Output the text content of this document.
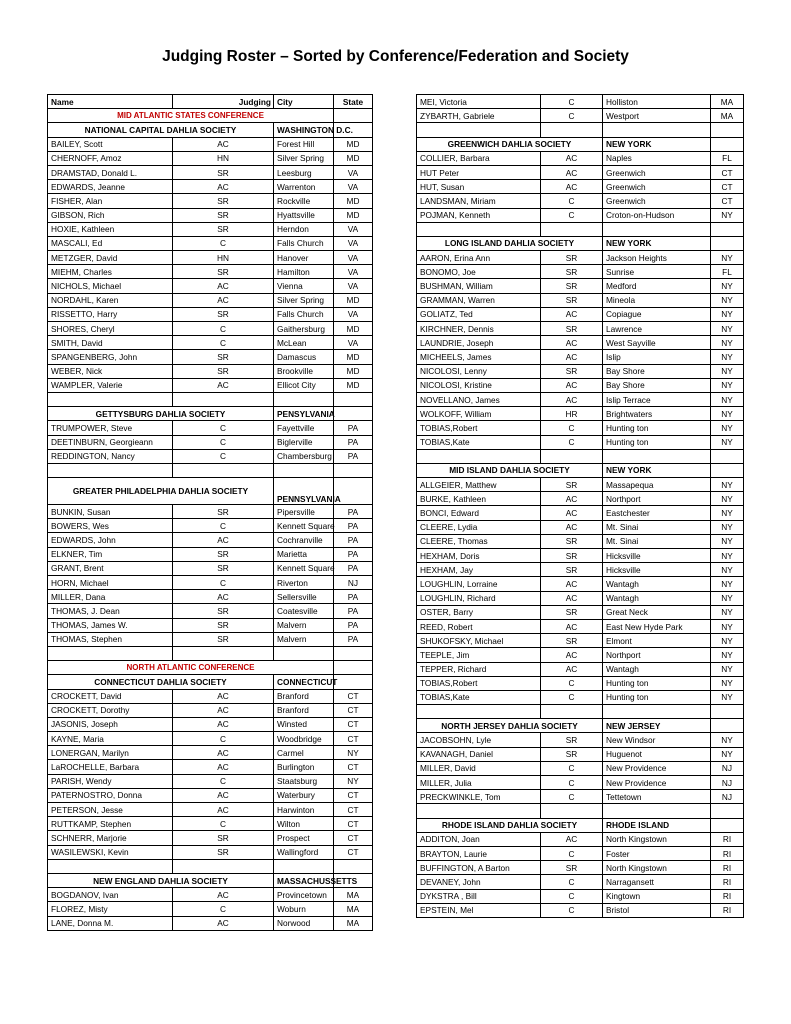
Judging Roster – Sorted by Conference/Federation and Society
Name	Judging	City	State
MID ATLANTIC STATES CONFERENCE			
NATIONAL CAPITAL DAHLIA SOCIETY		WASHINGTON D.C.	
BAILEY, Scott	AC	Forest Hill	MD
CHERNOFF, Amoz	HN	Silver Spring	MD
DRAMSTAD, Donald L.	SR	Leesburg	VA
EDWARDS, Jeanne	AC	Warrenton	VA
FISHER, Alan	SR	Rockville	MD
GIBSON, Rich	SR	Hyattsville	MD
HOXIE, Kathleen	SR	Herndon	VA
MASCALI, Ed	C	Falls Church	VA
METZGER, David	HN	Hanover	VA
MIEHM, Charles	SR	Hamilton	VA
NICHOLS, Michael	AC	Vienna	VA
NORDAHL, Karen	AC	Silver Spring	MD
RISSETTO, Harry	SR	Falls Church	VA
SHORES, Cheryl	C	Gaithersburg	MD
SMITH, David	C	McLean	VA
SPANGENBERG, John	SR	Damascus	MD
WEBER, Nick	SR	Brookville	MD
WAMPLER, Valerie	AC	Ellicot City	MD

GETTYSBURG DAHLIA SOCIETY		PENSYLVANIA	
TRUMPOWER, Steve	C	Fayettville	PA
DEETINBURN, Georgieann	C	Biglerville	PA
REDDINGTON, Nancy	C	Chambersburg	PA

GREATER PHILADELPHIA DAHLIA SOCIETY		PENNSYLVANIA	
BUNKIN, Susan	SR	Pipersville	PA
BOWERS, Wes	C	Kennett Square	PA
EDWARDS, John	AC	Cochranville	PA
ELKNER, Tim	SR	Marietta	PA
GRANT, Brent	SR	Kennett Square	PA
HORN, Michael	C	Riverton	NJ
MILLER, Dana	AC	Sellersville	PA
THOMAS, J. Dean	SR	Coatesville	PA
THOMAS, James W.	SR	Malvern	PA
THOMAS, Stephen	SR	Malvern	PA

NORTH ATLANTIC CONFERENCE			
CONNECTICUT DAHLIA SOCIETY		CONNECTICUT	
CROCKETT, David	AC	Branford	CT
CROCKETT, Dorothy	AC	Branford	CT
JASONIS, Joseph	AC	Winsted	CT
KAYNE, Maria	C	Woodbridge	CT
LONERGAN, Marilyn	AC	Carmel	NY
LaROCHELLE, Barbara	AC	Burlington	CT
PARISH, Wendy	C	Staatsburg	NY
PATERNOSTRO, Donna	AC	Waterbury	CT
PETERSON, Jesse	AC	Harwinton	CT
RUTTKAMP, Stephen	C	Wilton	CT
SCHNERR, Marjorie	SR	Prospect	CT
WASILEWSKI, Kevin	SR	Wallingford	CT

NEW ENGLAND DAHLIA SOCIETY		MASSACHUSSETTS	
BOGDANOV, Ivan	AC	Provincetown	MA
FLOREZ, Misty	C	Woburn	MA
LANE, Donna M.	AC	Norwood	MA
MEI, Victoria	C	Holliston	MA
ZYBARTH, Gabriele	C	Westport	MA

GREENWICH DAHLIA SOCIETY		NEW YORK	
COLLIER, Barbara	AC	Naples	FL
HUT Peter	AC	Greenwich	CT
HUT, Susan	AC	Greenwich	CT
LANDSMAN, Miriam	C	Greenwich	CT
POJMAN, Kenneth	C	Croton-on-Hudson	NY

LONG ISLAND DAHLIA SOCIETY		NEW YORK	
AARON, Erina Ann	SR	Jackson Heights	NY
BONOMO, Joe	SR	Sunrise	FL
BUSHMAN, William	SR	Medford	NY
GRAMMAN, Warren	SR	Mineola	NY
GOLIATZ, Ted	AC	Copiague	NY
KIRCHNER, Dennis	SR	Lawrence	NY
LAUNDRIE, Joseph	AC	West Sayville	NY
MICHEELS, James	AC	Islip	NY
NICOLOSI, Lenny	SR	Bay Shore	NY
NICOLOSI, Kristine	AC	Bay Shore	NY
NOVELLANO, James	AC	Islip Terrace	NY
WOLKOFF, William	HR	Brightwaters	NY
TOBIAS,Robert	C	Hunting ton	NY
TOBIAS,Kate	C	Hunting ton	NY

MID ISLAND DAHLIA SOCIETY		NEW YORK	
ALLGEIER, Matthew	SR	Massapequa	NY
BURKE, Kathleen	AC	Northport	NY
BONCI, Edward	AC	Eastchester	NY
CLEERE, Lydia	AC	Mt. Sinai	NY
CLEERE, Thomas	SR	Mt. Sinai	NY
HEXHAM, Doris	SR	Hicksville	NY
HEXHAM, Jay	SR	Hicksville	NY
LOUGHLIN, Lorraine	AC	Wantagh	NY
LOUGHLIN, Richard	AC	Wantagh	NY
OSTER, Barry	SR	Great Neck	NY
REED, Robert	AC	East New Hyde Park	NY
SHUKOFSKY, Michael	SR	Elmont	NY
TEEPLE, Jim	AC	Northport	NY
TEPPER, Richard	AC	Wantagh	NY
TOBIAS,Robert	C	Hunting ton	NY
TOBIAS,Kate	C	Hunting ton	NY

NORTH JERSEY DAHLIA SOCIETY		NEW JERSEY	
JACOBSOHN, Lyle	SR	New Windsor	NY
KAVANAGH, Daniel	SR	Huguenot	NY
MILLER, David	C	New Providence	NJ
MILLER, Julia	C	New Providence	NJ
PRECKWINKLE, Tom	C	Tettetown	NJ

RHODE ISLAND DAHLIA SOCIETY		RHODE ISLAND	
ADDITON, Joan	AC	North Kingstown	RI
BRAYTON, Laurie	C	Foster	RI
BUFFINGTON, A Barton	SR	North Kingstown	RI
DEVANEY, John	C	Narragansett	RI
DYKSTRA , Bill	C	Kingtown	RI
EPSTEIN, Mel	C	Bristol	RI
